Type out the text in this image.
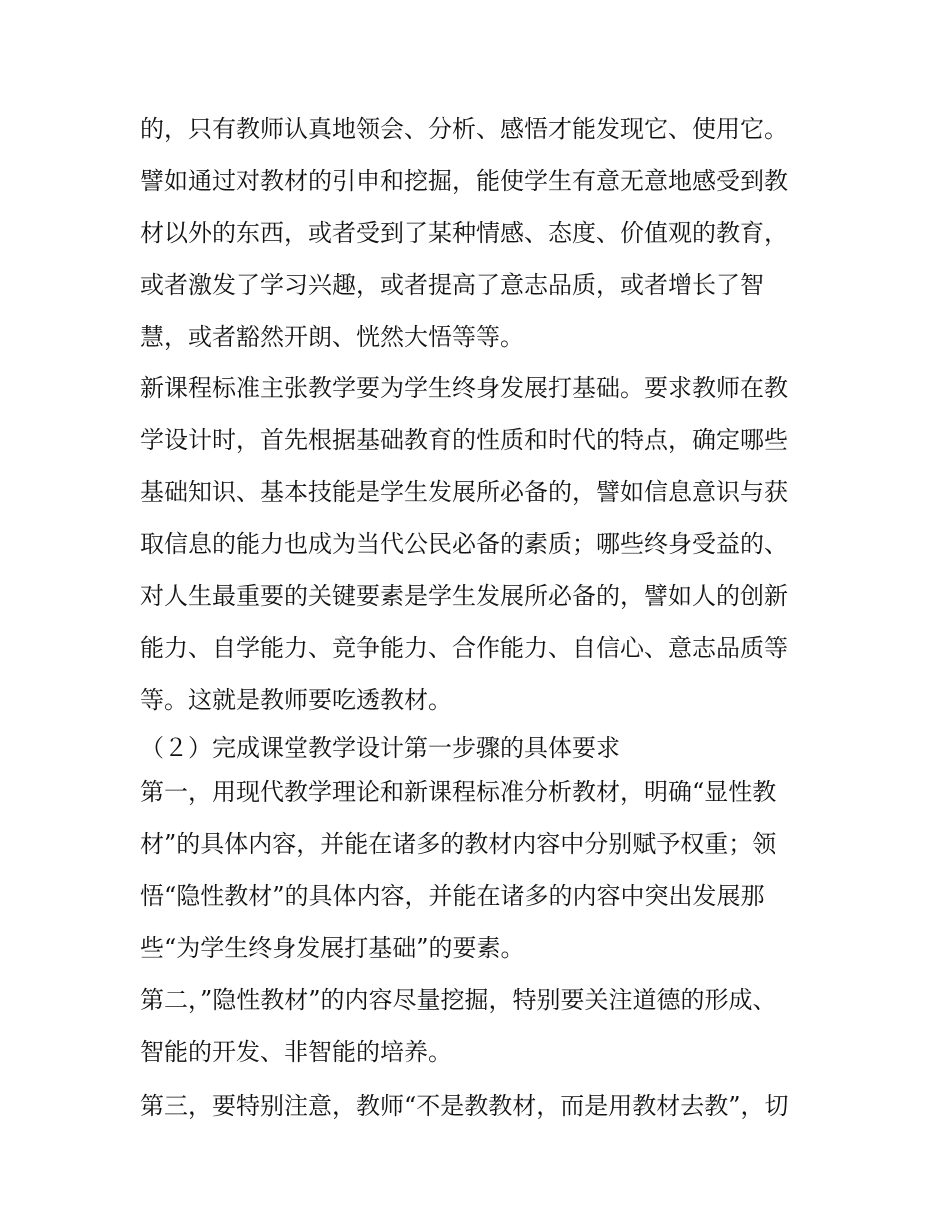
的，只有教师认真地领会、分析、感悟才能发现它、使用它。

譬如通过对教材的引申和挖掘，能使学生有意无意地感受到教

材以外的东西，或者受到了某种情感、态度、价值观的教育，

或者激发了学习兴趣，或者提高了意志品质，或者增长了智

慧，或者豁然开朗、恍然大悟等等。

新课程标准主张教学要为学生终身发展打基础。要求教师在教

学设计时，首先根据基础教育的性质和时代的特点，确定哪些

基础知识、基本技能是学生发展所必备的，譬如信息意识与获

取信息的能力也成为当代公民必备的素质；哪些终身受益的、

对人生最重要的关键要素是学生发展所必备的，譬如人的创新

能力、自学能力、竞争能力、合作能力、自信心、意志品质等

等。这就是教师要吃透教材。

（２）完成课堂教学设计第一步骤的具体要求

第一，用现代教学理论和新课程标准分析教材，明确“显性教

材”的具体内容，并能在诸多的教材内容中分别赋予权重；领

悟“隐性教材”的具体内容，并能在诸多的内容中突出发展那

些“为学生终身发展打基础”的要素。

第二，”隐性教材”的内容尽量挖掘，特别要关注道德的形成、

智能的开发、非智能的培养。

第三，要特别注意，教师“不是教教材，而是用教材去教”，切
